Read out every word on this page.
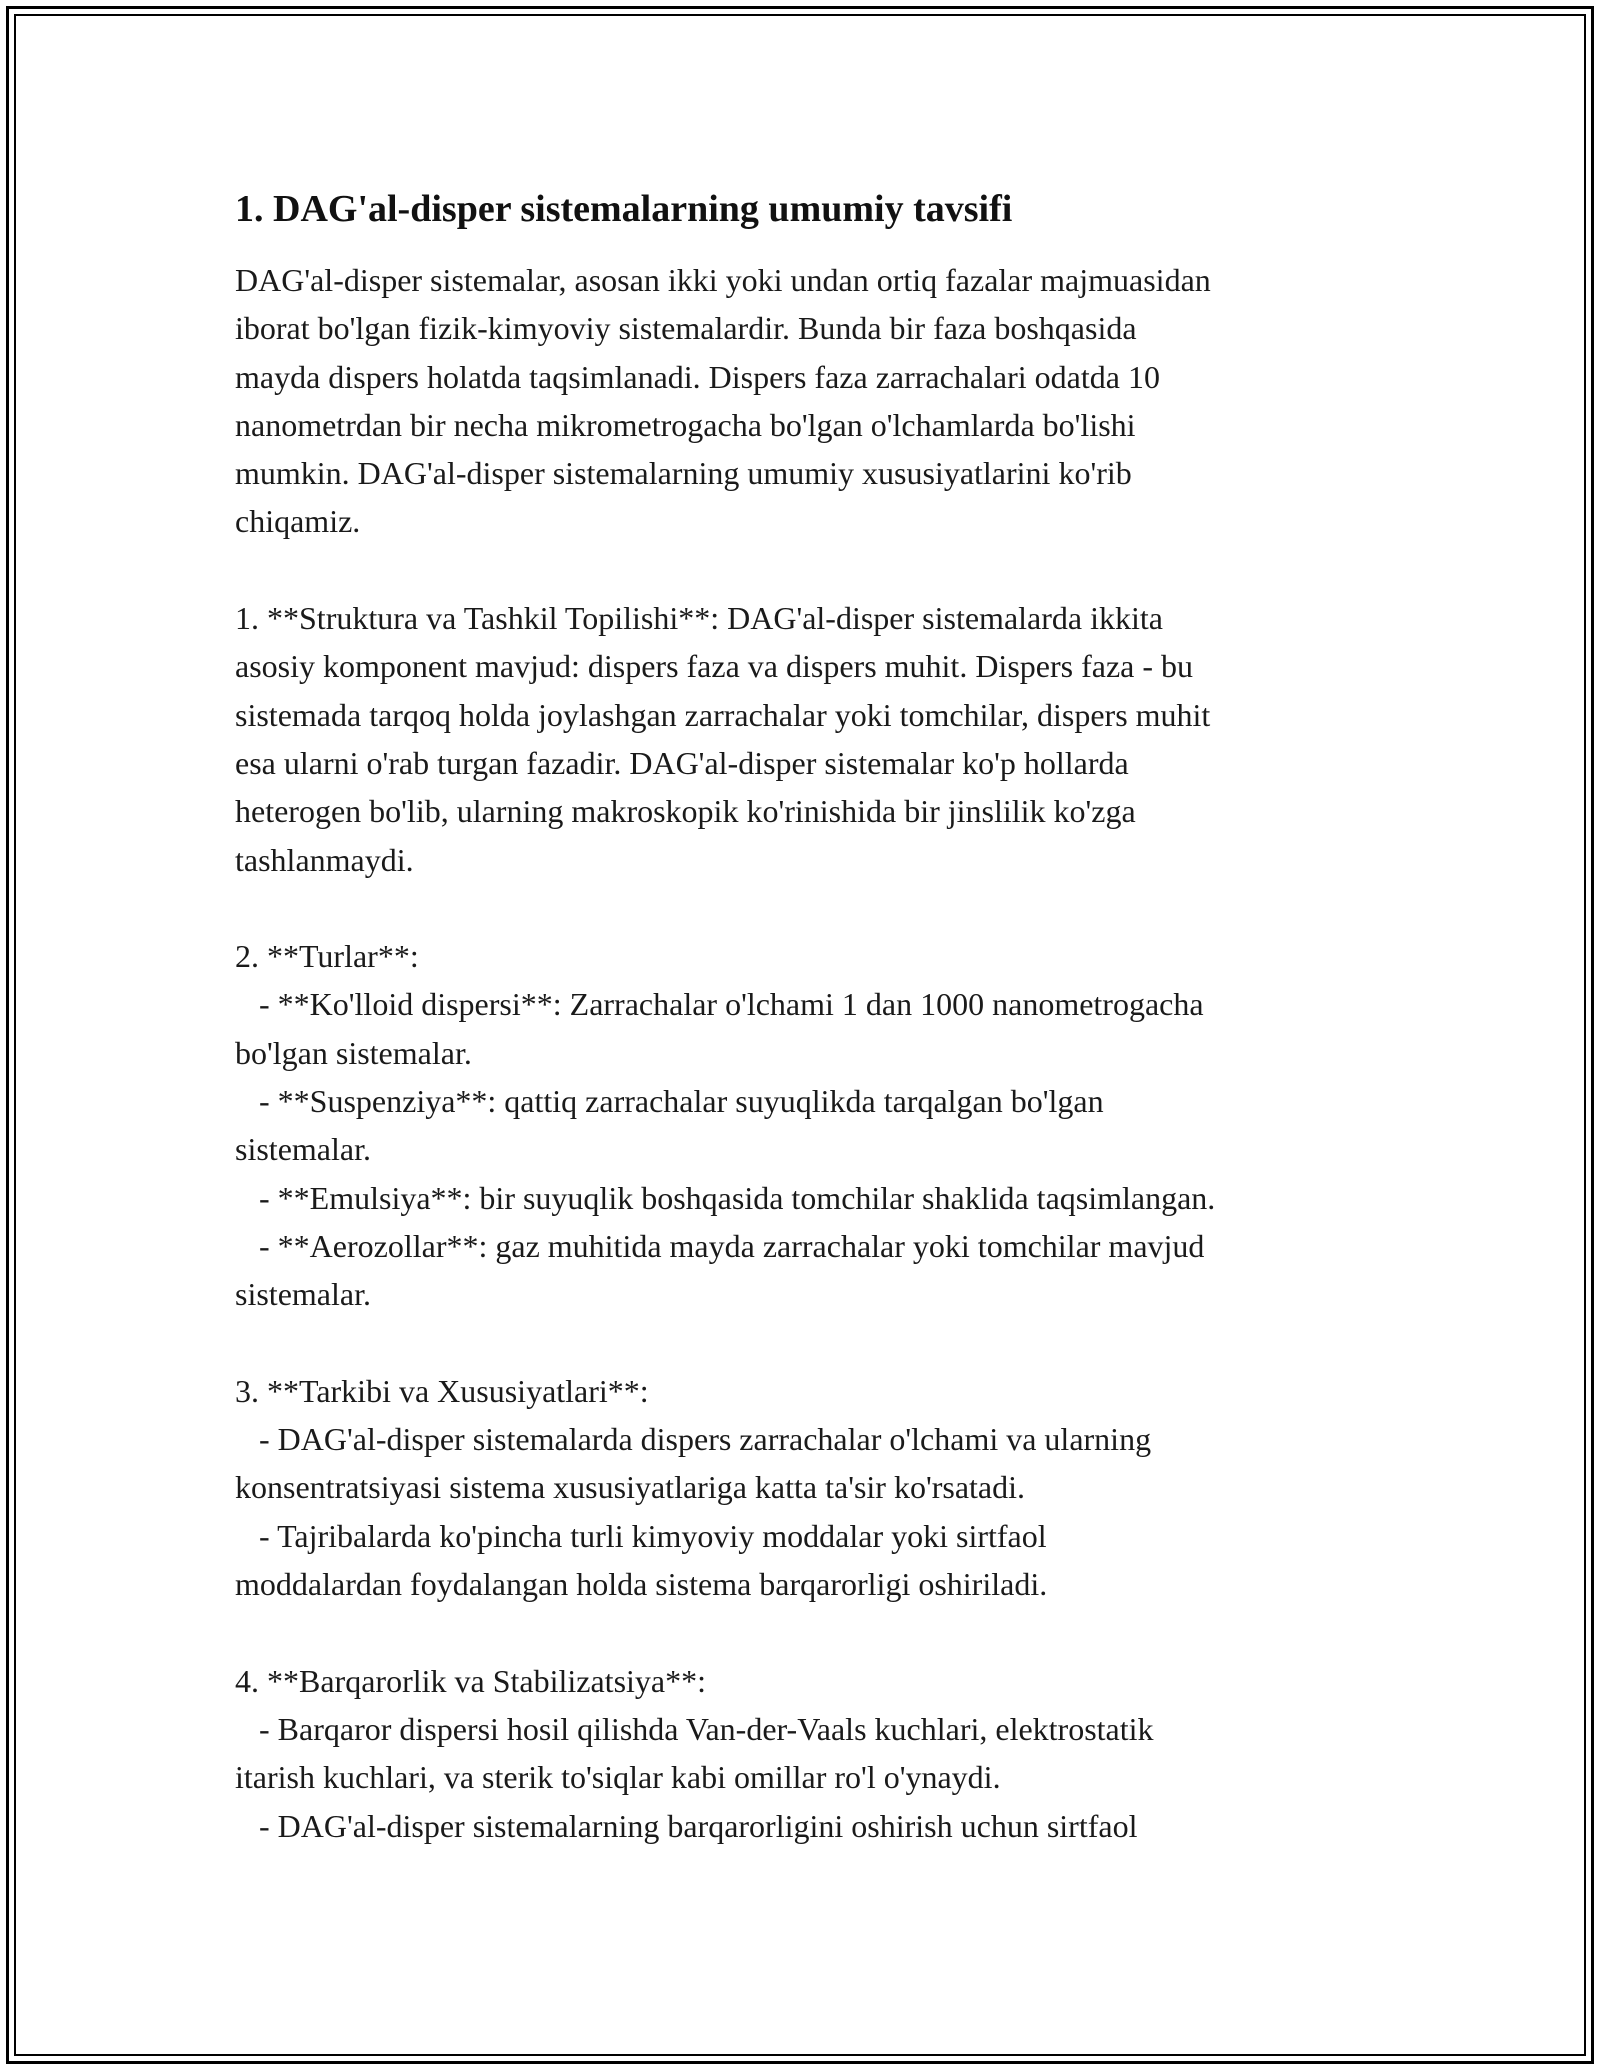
1. DAG'al-disper sistemalarning umumiy tavsifi
DAG'al-disper sistemalar, asosan ikki yoki undan ortiq fazalar majmuasidan
iborat bo'lgan fizik-kimyoviy sistemalardir. Bunda bir faza boshqasida
mayda dispers holatda taqsimlanadi. Dispers faza zarrachalari odatda 10
nanometrdan bir necha mikrometrogacha bo'lgan o'lchamlarda bo'lishi
mumkin. DAG'al-disper sistemalarning umumiy xususiyatlarini ko'rib
chiqamiz.
1. **Struktura va Tashkil Topilishi**: DAG'al-disper sistemalarda ikkita
asosiy komponent mavjud: dispers faza va dispers muhit. Dispers faza - bu
sistemada tarqoq holda joylashgan zarrachalar yoki tomchilar, dispers muhit
esa ularni o'rab turgan fazadir. DAG'al-disper sistemalar ko'p hollarda
heterogen bo'lib, ularning makroskopik ko'rinishida bir jinslilik ko'zga
tashlanmaydi.
2. **Turlar**:
- **Ko'lloid dispersi**: Zarrachalar o'lchami 1 dan 1000 nanometrogacha
bo'lgan sistemalar.
- **Suspenziya**: qattiq zarrachalar suyuqlikda tarqalgan bo'lgan
sistemalar.
- **Emulsiya**: bir suyuqlik boshqasida tomchilar shaklida taqsimlangan.
- **Aerozollar**: gaz muhitida mayda zarrachalar yoki tomchilar mavjud
sistemalar.
3. **Tarkibi va Xususiyatlari**:
- DAG'al-disper sistemalarda dispers zarrachalar o'lchami va ularning
konsentratsiyasi sistema xususiyatlariga katta ta'sir ko'rsatadi.
- Tajribalarda ko'pincha turli kimyoviy moddalar yoki sirtfaol
moddalardan foydalangan holda sistema barqarorligi oshiriladi.
4. **Barqarorlik va Stabilizatsiya**:
- Barqaror dispersi hosil qilishda Van-der-Vaals kuchlari, elektrostatik
itarish kuchlari, va sterik to'siqlar kabi omillar ro'l o'ynaydi.
- DAG'al-disper sistemalarning barqarorligini oshirish uchun sirtfaol
